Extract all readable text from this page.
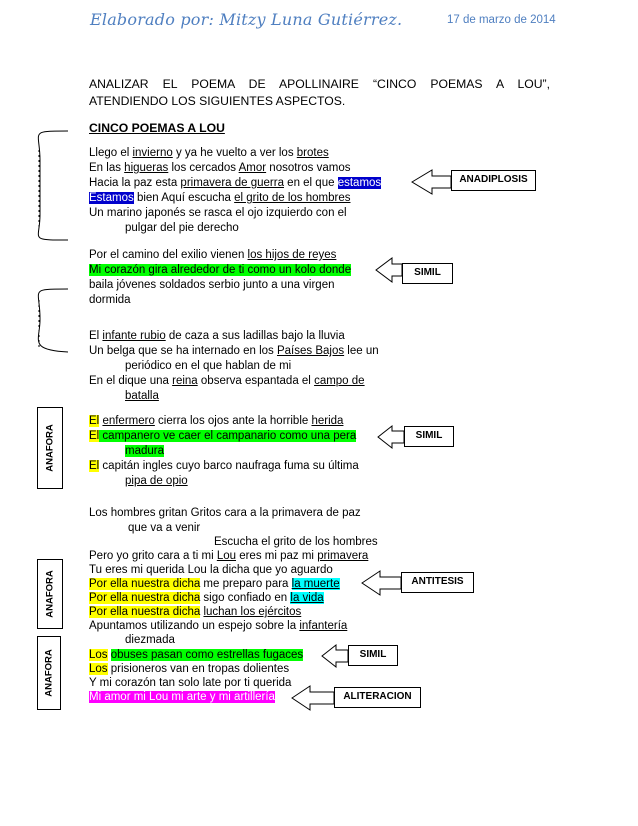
Elaborado por: Mitzy Luna Gutiérrez.	17 de marzo de 2014
ANALIZAR EL POEMA DE APOLLINAIRE “CINCO POEMAS A LOU”,
ATENDIENDO LOS SIGUIENTES ASPECTOS.
CINCO POEMAS A LOU
Llego el invierno y ya he vuelto a ver los brotes
En las higueras los cercados Amor nosotros vamos
Hacia la paz esta primavera de guerra en el que estamos
Estamos bien Aquí escucha el grito de los hombres
Un marino japonés se rasca el ojo izquierdo con el
pulgar del pie derecho
Por el camino del exilio vienen los hijos de reyes
Mi corazón gira alrededor de ti como un kolo donde
baila jóvenes soldados serbio junto a una virgen
dormida
El infante rubio de caza a sus ladillas bajo la lluvia
Un belga que se ha internado en los Países Bajos lee un
periódico en el que hablan de mi
En el dique una reina observa espantada el campo de
batalla
El enfermero cierra los ojos ante la horrible herida
El campanero ve caer el campanario como una pera
madura
El capitán ingles cuyo barco naufraga fuma su última
pipa de opio
Los hombres gritan Gritos cara a la primavera de paz
que va a venir
Escucha el grito de los hombres
Pero yo grito cara a ti mi Lou eres mi paz mi primavera
Tu eres mi querida Lou la dicha que yo aguardo
Por ella nuestra dicha me preparo para la muerte
Por ella nuestra dicha sigo confiado en la vida
Por ella nuestra dicha luchan los ejércitos
Apuntamos utilizando un espejo sobre la infantería
diezmada
Los obuses pasan como estrellas fugaces
Los prisioneros van en tropas dolientes
Y mi corazón tan solo late por ti querida
Mi amor mi Lou mi arte y mi artillería
ANADIPLOSIS
SIMIL
SIMIL
ANTITESIS
SIMIL
ALITERACION
ANAFORA
ANAFORA
ANAFORA
